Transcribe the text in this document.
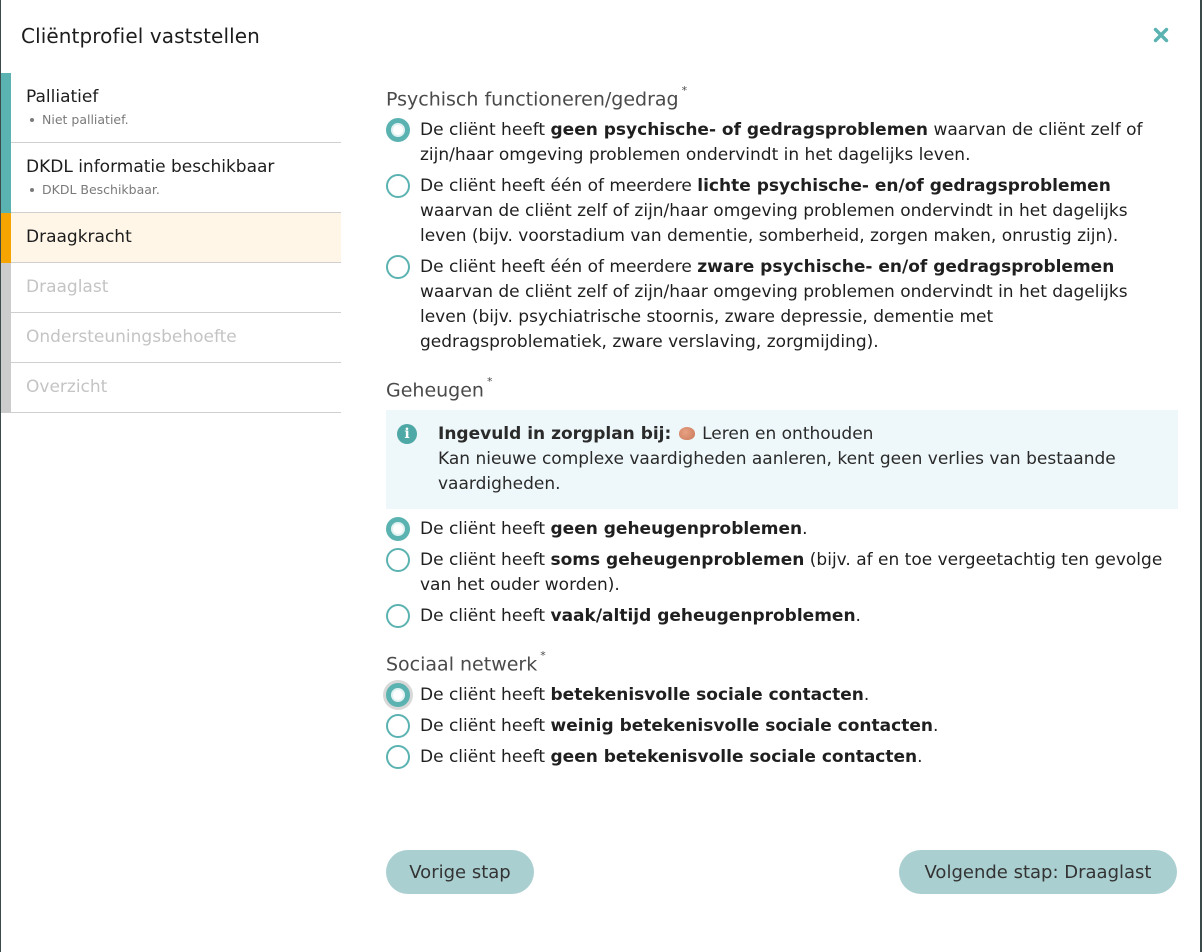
Cliëntprofiel vaststellen
Palliatief
Niet palliatief.
DKDL informatie beschikbaar
DKDL Beschikbaar.
Draagkracht
Draaglast
Ondersteuningsbehoefte
Overzicht
Psychisch functioneren/gedrag *
De cliënt heeft geen psychische- of gedragsproblemen waarvan de cliënt zelf of zijn/haar omgeving problemen ondervindt in het dagelijks leven.
De cliënt heeft één of meerdere lichte psychische- en/of gedragsproblemen waarvan de cliënt zelf of zijn/haar omgeving problemen ondervindt in het dagelijks leven (bijv. voorstadium van dementie, somberheid, zorgen maken, onrustig zijn).
De cliënt heeft één of meerdere zware psychische- en/of gedragsproblemen waarvan de cliënt zelf of zijn/haar omgeving problemen ondervindt in het dagelijks leven (bijv. psychiatrische stoornis, zware depressie, dementie met gedragsproblematiek, zware verslaving, zorgmijding).
Geheugen *
i	Ingevuld in zorgplan bij: Leren en onthouden
Kan nieuwe complexe vaardigheden aanleren, kent geen verlies van bestaande vaardigheden.
De cliënt heeft geen geheugenproblemen.
De cliënt heeft soms geheugenproblemen (bijv. af en toe vergeetachtig ten gevolge van het ouder worden).
De cliënt heeft vaak/altijd geheugenproblemen.
Sociaal netwerk *
De cliënt heeft betekenisvolle sociale contacten.
De cliënt heeft weinig betekenisvolle sociale contacten.
De cliënt heeft geen betekenisvolle sociale contacten.
Vorige stap	Volgende stap: Draaglast
